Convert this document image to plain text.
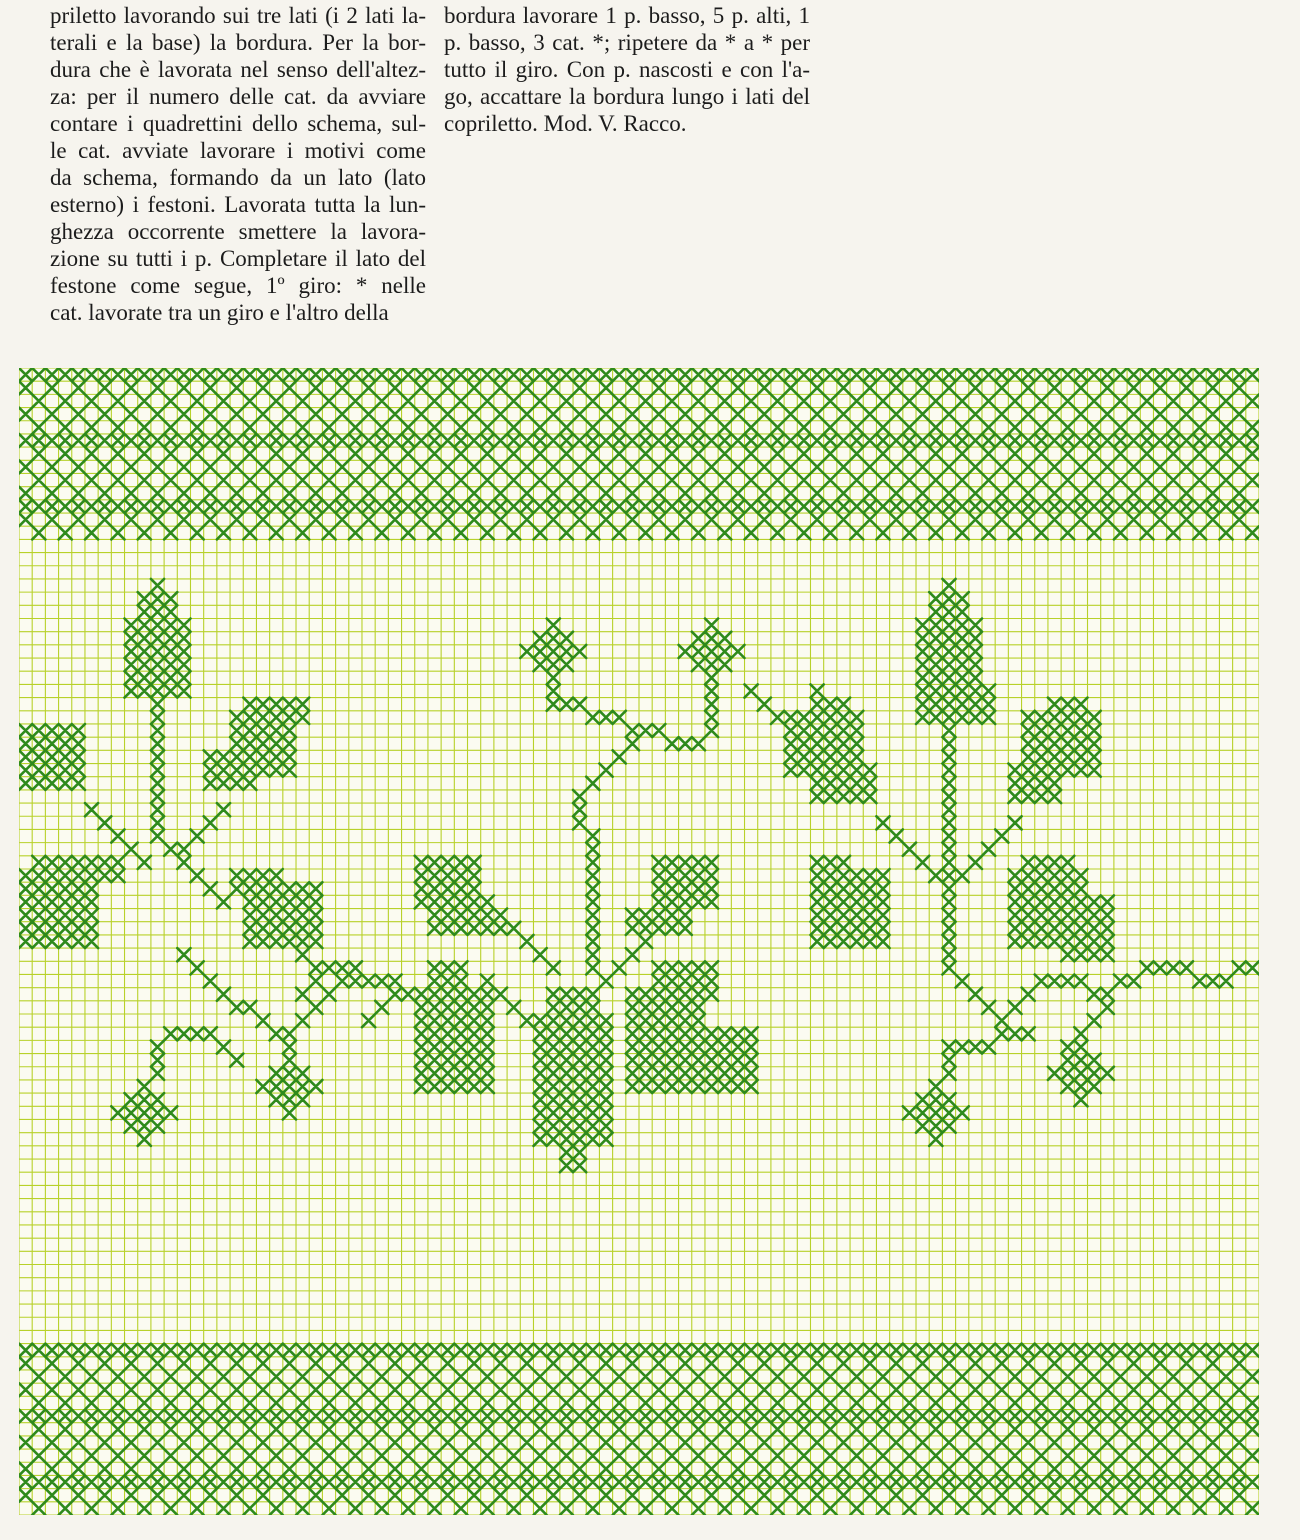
priletto lavorando sui tre lati (i 2 lati la-
terali e la base) la bordura. Per la bor-
dura che è lavorata nel senso dell'altez-
za: per il numero delle cat. da avviare
contare i quadrettini dello schema, sul-
le cat. avviate lavorare i motivi come
da schema, formando da un lato (lato
esterno) i festoni. Lavorata tutta la lun-
ghezza occorrente smettere la lavora-
zione su tutti i p. Completare il lato del
festone come segue, 1º giro: * nelle
cat. lavorate tra un giro e l'altro della
bordura lavorare 1 p. basso, 5 p. alti, 1
p. basso, 3 cat. *; ripetere da * a * per
tutto il giro. Con p. nascosti e con l'a-
go, accattare la bordura lungo i lati del
copriletto. Mod. V. Racco.
